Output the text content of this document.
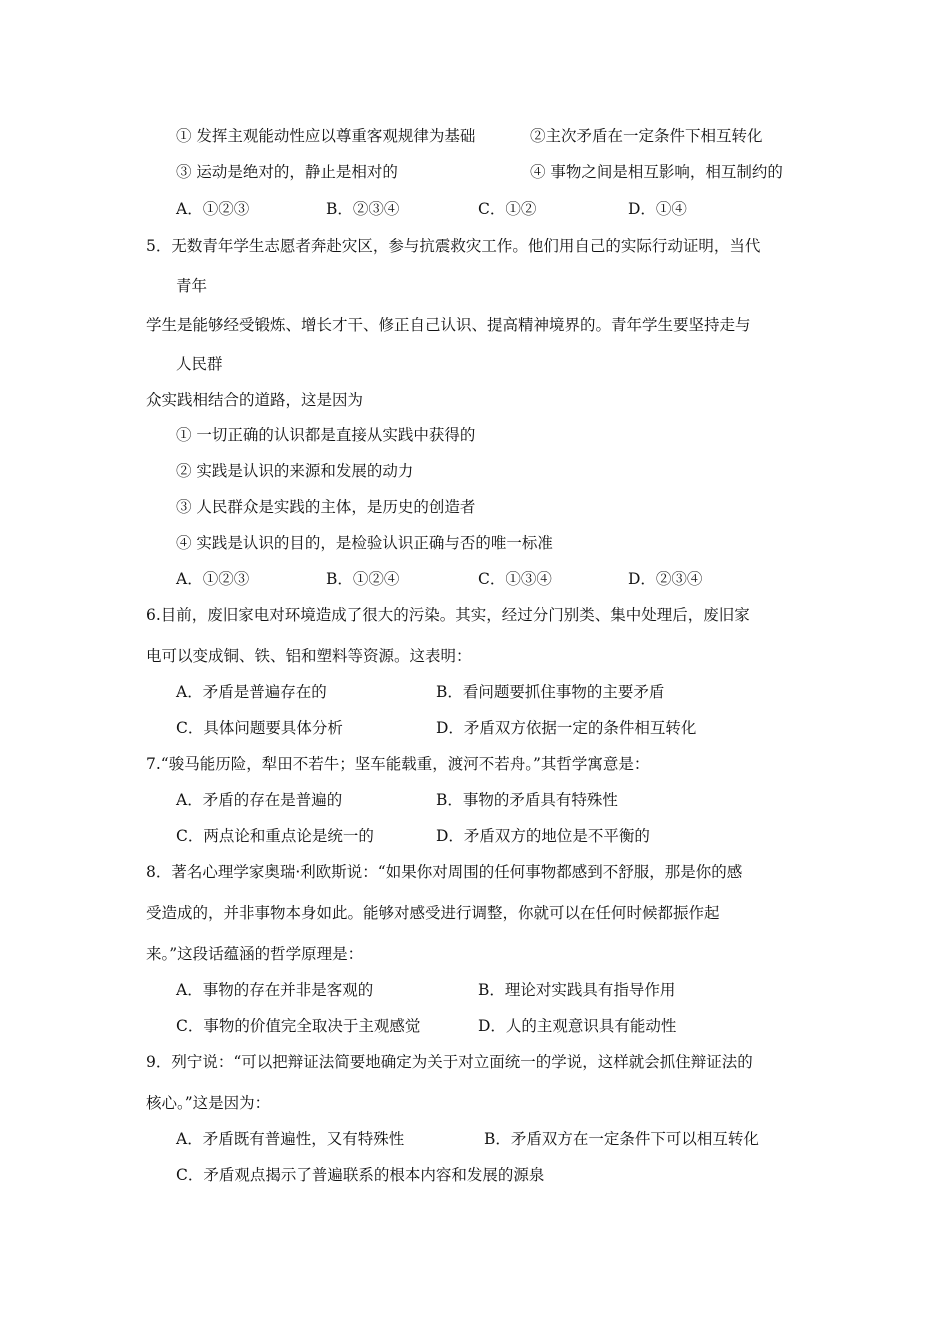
① 发挥主观能动性应以尊重客观规律为基础	②主次矛盾在一定条件下相互转化
③ 运动是绝对的，静止是相对的	④ 事物之间是相互影响，相互制约的
A．①②③	B．②③④	C．①②	D．①④
5．无数青年学生志愿者奔赴灾区，参与抗震救灾工作。他们用自己的实际行动证明，当代
青年
学生是能够经受锻炼、增长才干、修正自己认识、提高精神境界的。青年学生要坚持走与
人民群
众实践相结合的道路，这是因为
① 一切正确的认识都是直接从实践中获得的
② 实践是认识的来源和发展的动力
③ 人民群众是实践的主体，是历史的创造者
④ 实践是认识的目的，是检验认识正确与否的唯一标准
A．①②③	B．①②④	C．①③④	D．②③④
6.目前，废旧家电对环境造成了很大的污染。其实，经过分门别类、集中处理后，废旧家
电可以变成铜、铁、铝和塑料等资源。这表明：
A．矛盾是普遍存在的	B．看问题要抓住事物的主要矛盾
C．具体问题要具体分析	D．矛盾双方依据一定的条件相互转化
7.“骏马能历险，犁田不若牛；坚车能载重，渡河不若舟。”其哲学寓意是：
A．矛盾的存在是普遍的	B．事物的矛盾具有特殊性
C．两点论和重点论是统一的	D．矛盾双方的地位是不平衡的
8．著名心理学家奥瑞·利欧斯说：“如果你对周围的任何事物都感到不舒服，那是你的感
受造成的，并非事物本身如此。能够对感受进行调整，你就可以在任何时候都振作起
来。”这段话蕴涵的哲学原理是：
A．事物的存在并非是客观的	B．理论对实践具有指导作用
C．事物的价值完全取决于主观感觉	D．人的主观意识具有能动性
9．列宁说：“可以把辩证法简要地确定为关于对立面统一的学说，这样就会抓住辩证法的
核心。”这是因为：
A．矛盾既有普遍性，又有特殊性	B．矛盾双方在一定条件下可以相互转化
C．矛盾观点揭示了普遍联系的根本内容和发展的源泉
